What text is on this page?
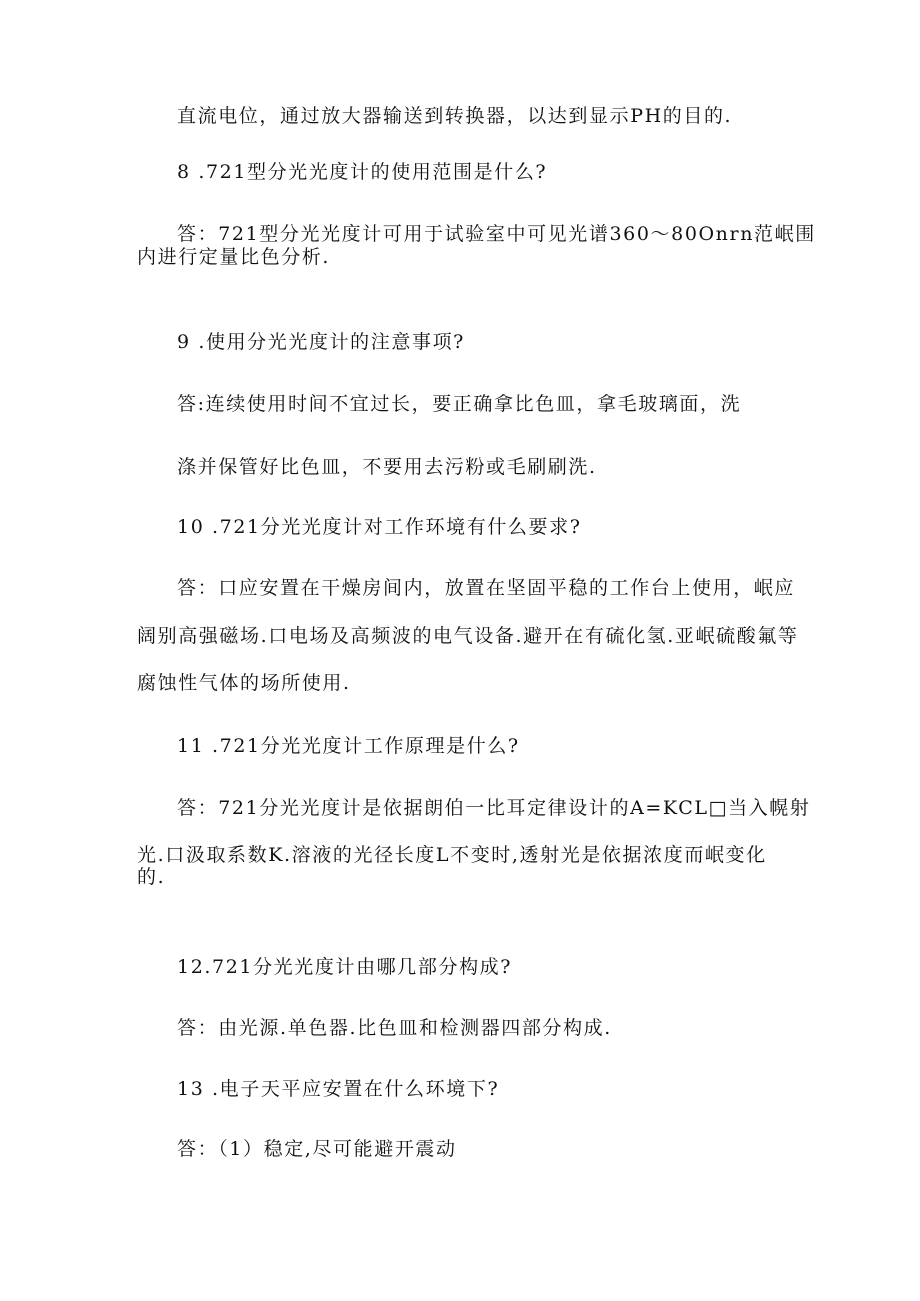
直流电位，通过放大器输送到转换器，以达到显示PH的目的.
8 .721型分光光度计的使用范围是什么?
答：721型分光光度计可用于试验室中可见光谱360～80Onrn范岷围
内进行定量比色分析.
9 .使用分光光度计的注意事项?
答:连续使用时间不宜过长，要正确拿比色皿，拿毛玻璃面，洗
涤并保管好比色皿，不要用去污粉或毛刷刷洗.
10 .721分光光度计对工作环境有什么要求?
答：口应安置在干燥房间内，放置在坚固平稳的工作台上使用，岷应
阔别高强磁场.口电场及高频波的电气设备.避开在有硫化氢.亚岷硫酸氟等
腐蚀性气体的场所使用.
11 .721分光光度计工作原理是什么?
答：721分光光度计是依据朗伯一比耳定律设计的A=KCL□当入幌射
光.口汲取系数K.溶液的光径长度L不变时,透射光是依据浓度而岷变化
的.
12.721分光光度计由哪几部分构成?
答：由光源.单色器.比色皿和检测器四部分构成.
13 .电子天平应安置在什么环境下?
答：（1）稳定,尽可能避开震动
